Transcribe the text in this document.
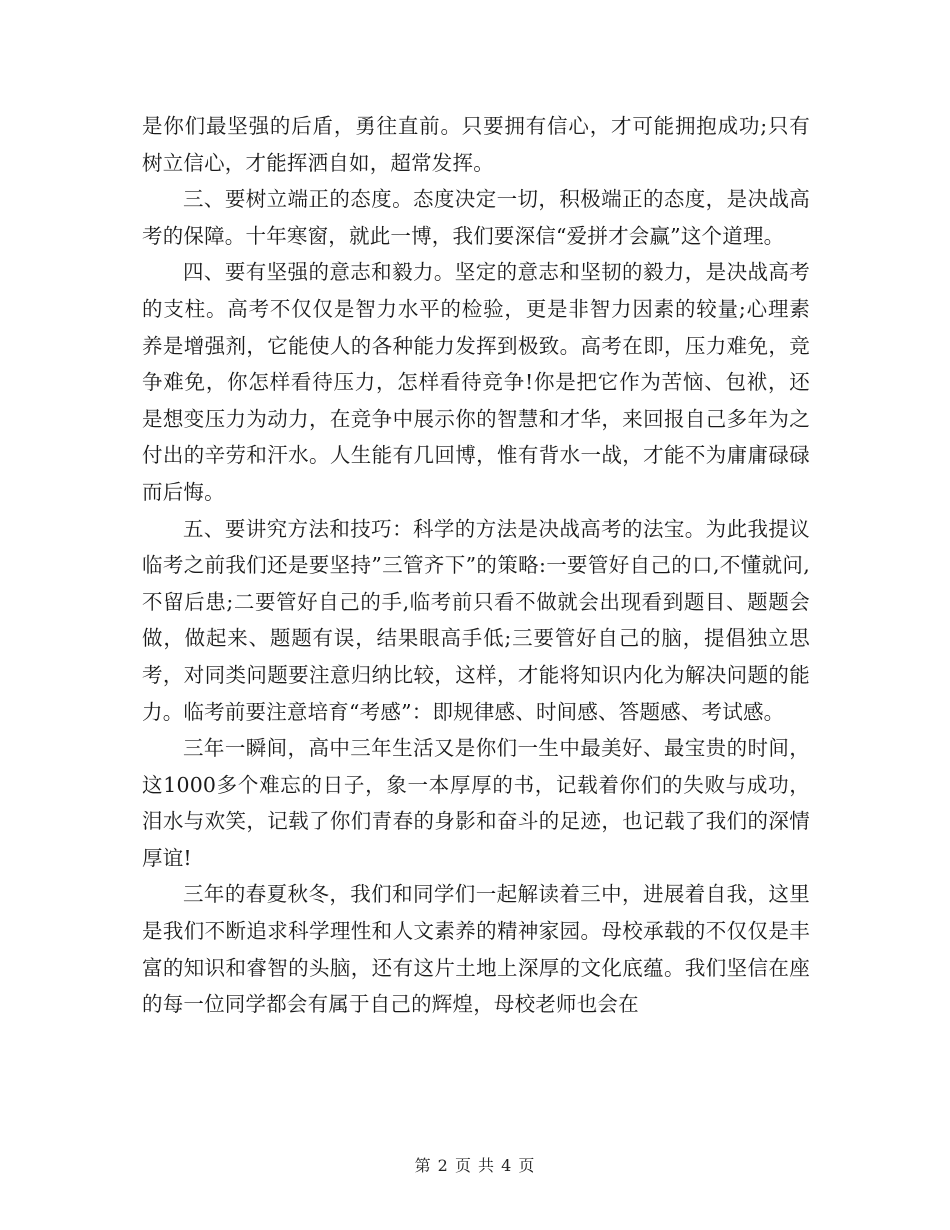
是你们最坚强的后盾，勇往直前。只要拥有信心，才可能拥抱成功;只有树立信心，才能挥洒自如，超常发挥。

三、要树立端正的态度。态度决定一切，积极端正的态度，是决战高考的保障。十年寒窗，就此一博，我们要深信“爱拼才会赢”这个道理。

四、要有坚强的意志和毅力。坚定的意志和坚韧的毅力，是决战高考的支柱。高考不仅仅是智力水平的检验，更是非智力因素的较量;心理素养是增强剂，它能使人的各种能力发挥到极致。高考在即，压力难免，竞争难免，你怎样看待压力，怎样看待竞争!你是把它作为苦恼、包袱，还是想变压力为动力，在竞争中展示你的智慧和才华，来回报自己多年为之付出的辛劳和汗水。人生能有几回博，惟有背水一战，才能不为庸庸碌碌而后悔。

五、要讲究方法和技巧：科学的方法是决战高考的法宝。为此我提议临考之前我们还是要坚持”三管齐下”的策略:一要管好自己的口,不懂就问,不留后患;二要管好自己的手,临考前只看不做就会出现看到题目、题题会做，做起来、题题有误，结果眼高手低;三要管好自己的脑，提倡独立思考，对同类问题要注意归纳比较，这样，才能将知识内化为解决问题的能力。临考前要注意培育“考感”：即规律感、时间感、答题感、考试感。

三年一瞬间，高中三年生活又是你们一生中最美好、最宝贵的时间，这1000多个难忘的日子，象一本厚厚的书，记载着你们的失败与成功，泪水与欢笑，记载了你们青春的身影和奋斗的足迹，也记载了我们的深情厚谊!

三年的春夏秋冬，我们和同学们一起解读着三中，进展着自我，这里是我们不断追求科学理性和人文素养的精神家园。母校承载的不仅仅是丰富的知识和睿智的头脑，还有这片土地上深厚的文化底蕴。我们坚信在座的每一位同学都会有属于自己的辉煌，母校老师也会在

第 2 页 共 4 页
